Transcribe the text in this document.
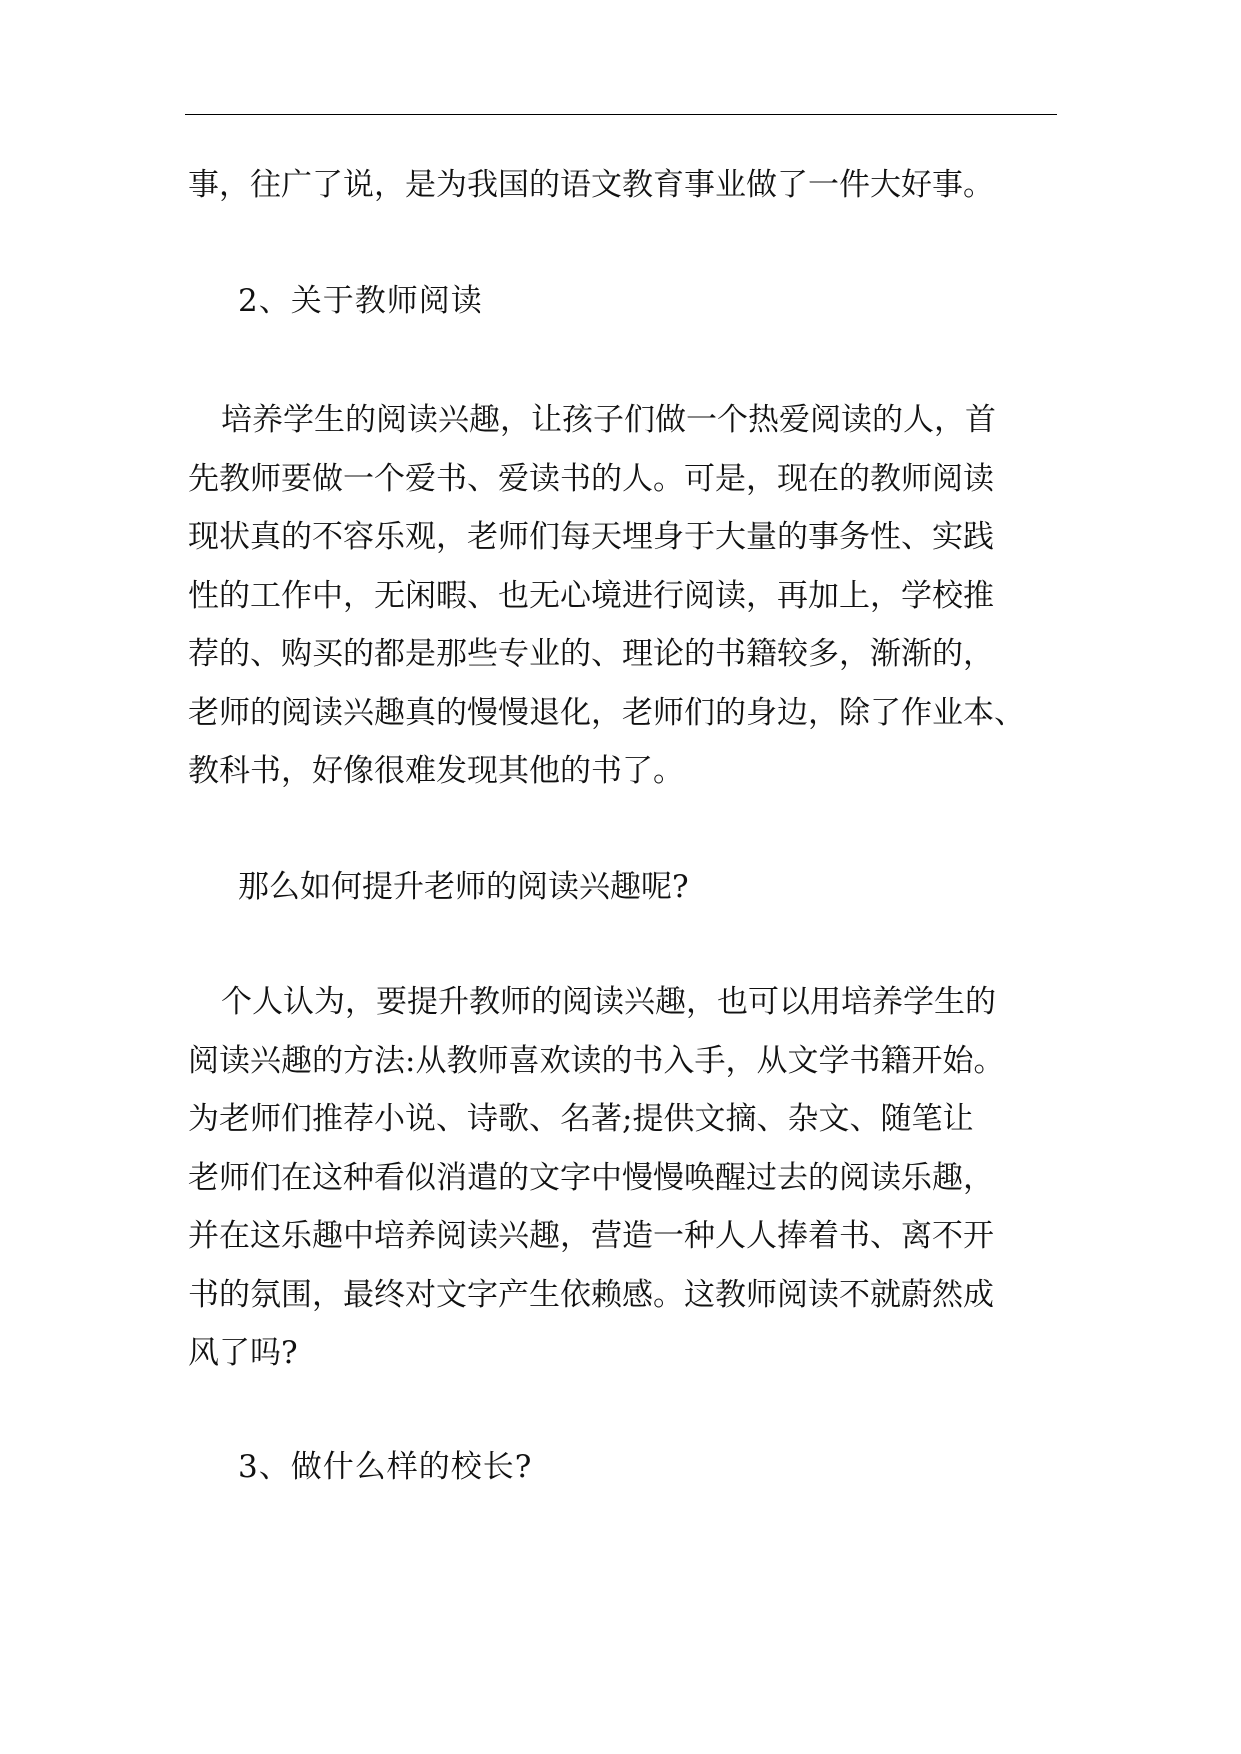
事，往广了说，是为我国的语文教育事业做了一件大好事。
2、关于教师阅读
培养学生的阅读兴趣，让孩子们做一个热爱阅读的人，首
先教师要做一个爱书、爱读书的人。可是，现在的教师阅读
现状真的不容乐观，老师们每天埋身于大量的事务性、实践
性的工作中，无闲暇、也无心境进行阅读，再加上，学校推
荐的、购买的都是那些专业的、理论的书籍较多，渐渐的，
老师的阅读兴趣真的慢慢退化，老师们的身边，除了作业本、
教科书，好像很难发现其他的书了。
那么如何提升老师的阅读兴趣呢?
个人认为，要提升教师的阅读兴趣，也可以用培养学生的
阅读兴趣的方法:从教师喜欢读的书入手，从文学书籍开始。
为老师们推荐小说、诗歌、名著;提供文摘、杂文、随笔让
老师们在这种看似消遣的文字中慢慢唤醒过去的阅读乐趣，
并在这乐趣中培养阅读兴趣，营造一种人人捧着书、离不开
书的氛围，最终对文字产生依赖感。这教师阅读不就蔚然成
风了吗?
3、做什么样的校长?
